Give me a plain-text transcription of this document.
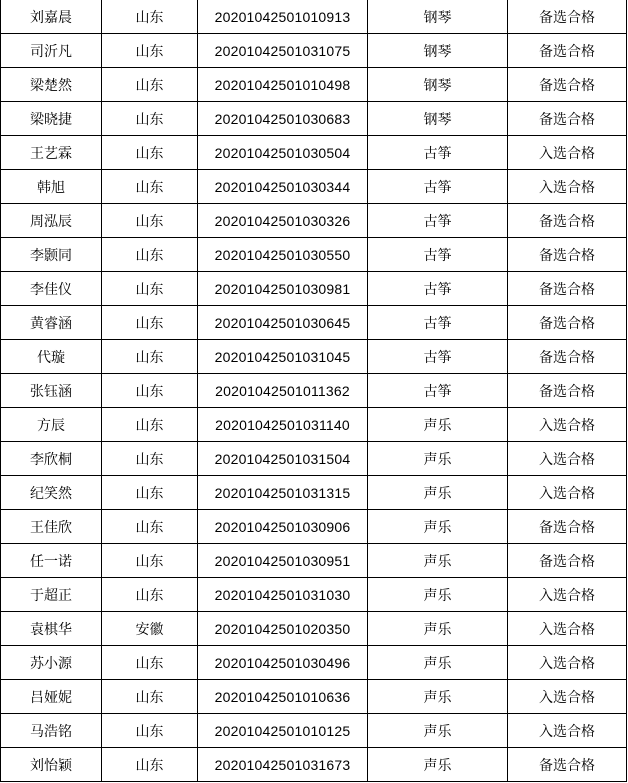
刘嘉晨	山东	20201042501010913	钢琴	备选合格
司沂凡	山东	20201042501031075	钢琴	备选合格
梁楚然	山东	20201042501010498	钢琴	备选合格
梁晓捷	山东	20201042501030683	钢琴	备选合格
王艺霖	山东	20201042501030504	古筝	入选合格
韩旭	山东	20201042501030344	古筝	入选合格
周泓辰	山东	20201042501030326	古筝	备选合格
李颢同	山东	20201042501030550	古筝	备选合格
李佳仪	山东	20201042501030981	古筝	备选合格
黄睿涵	山东	20201042501030645	古筝	备选合格
代璇	山东	20201042501031045	古筝	备选合格
张钰涵	山东	20201042501011362	古筝	备选合格
方辰	山东	20201042501031140	声乐	入选合格
李欣桐	山东	20201042501031504	声乐	入选合格
纪笑然	山东	20201042501031315	声乐	入选合格
王佳欣	山东	20201042501030906	声乐	备选合格
任一诺	山东	20201042501030951	声乐	备选合格
于超正	山东	20201042501031030	声乐	入选合格
袁棋华	安徽	20201042501020350	声乐	入选合格
苏小源	山东	20201042501030496	声乐	入选合格
吕娅妮	山东	20201042501010636	声乐	入选合格
马浩铭	山东	20201042501010125	声乐	入选合格
刘怡颖	山东	20201042501031673	声乐	备选合格
